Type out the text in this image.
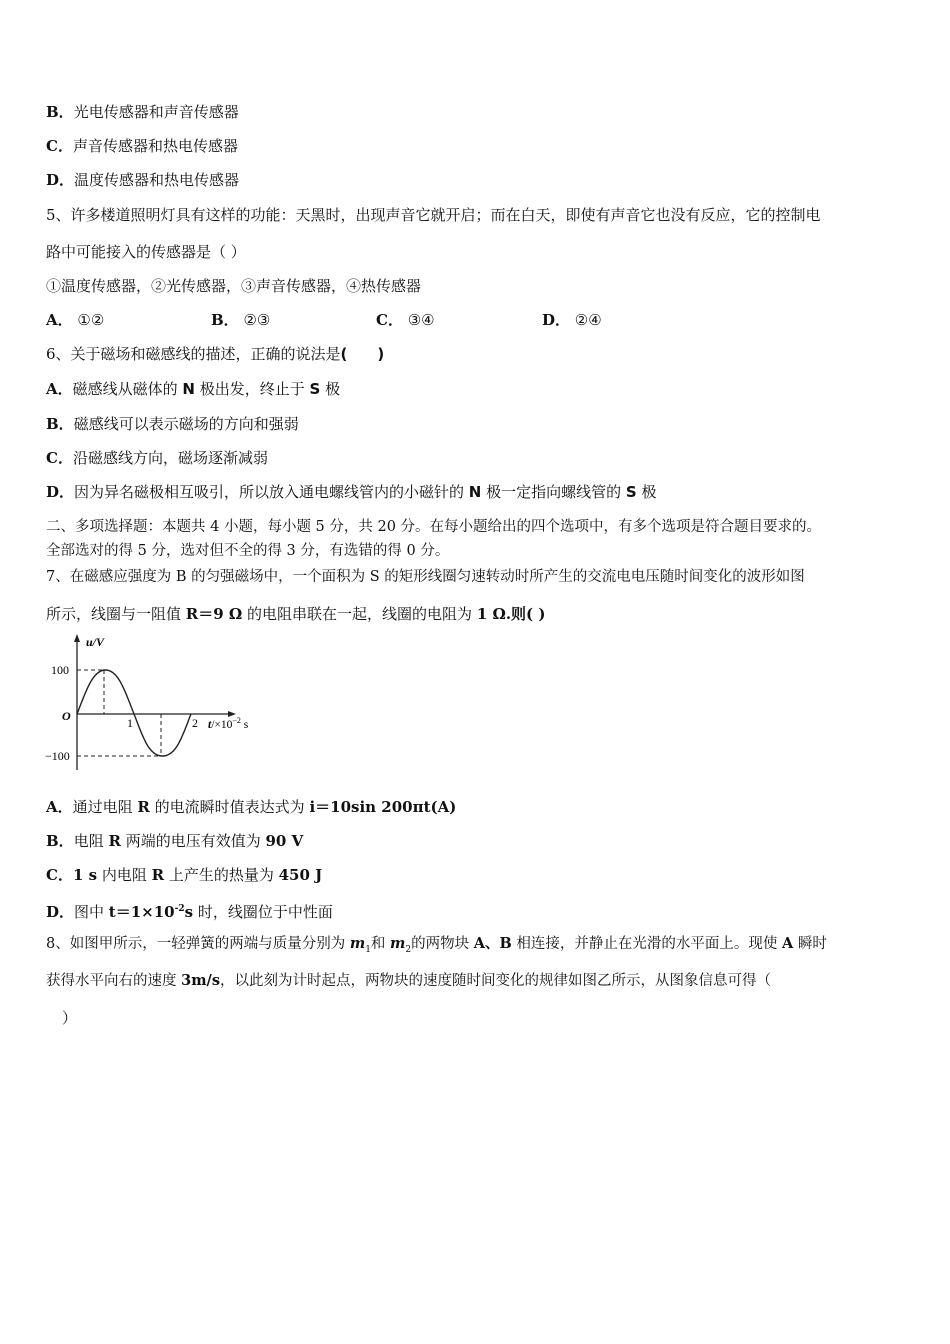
B．光电传感器和声音传感器
C．声音传感器和热电传感器
D．温度传感器和热电传感器
5、许多楼道照明灯具有这样的功能：天黑时，出现声音它就开启；而在白天，即使有声音它也没有反应，它的控制电
路中可能接入的传感器是（ ）
①温度传感器，②光传感器，③声音传感器，④热传感器
A． ①②	B． ②③	C． ③④	D． ②④
6、关于磁场和磁感线的描述，正确的说法是(　　)
A．磁感线从磁体的 N 极出发，终止于 S 极
B．磁感线可以表示磁场的方向和强弱
C．沿磁感线方向，磁场逐渐减弱
D．因为异名磁极相互吸引，所以放入通电螺线管内的小磁针的 N 极一定指向螺线管的 S 极
二、多项选择题：本题共 4 小题，每小题 5 分，共 20 分。在每小题给出的四个选项中，有多个选项是符合题目要求的。
全部选对的得 5 分，选对但不全的得 3 分，有选错的得 0 分。
7、在磁感应强度为 B 的匀强磁场中，一个面积为 S 的矩形线圈匀速转动时所产生的交流电电压随时间变化的波形如图
所示，线圈与一阻值 R＝9 Ω 的电阻串联在一起，线圈的电阻为 1 Ω.则( )
u/V
100
−100
O	1	2 $t/\times 10^{-2}$ s
A．通过电阻 R 的电流瞬时值表达式为 i＝10sin 200πt(A)
B．电阻 R 两端的电压有效值为 90 V
C．1 s 内电阻 R 上产生的热量为 450 J
D．图中 $t=1\times 10^{-2}s$ 时，线圈位于中性面
8、如图甲所示，一轻弹簧的两端与质量分别为 $m_1$和 $m_2$的两物块 A、B 相连接，并静止在光滑的水平面上。现使 A 瞬时
获得水平向右的速度 3m/s，以此刻为计时起点，两物块的速度随时间变化的规律如图乙所示，从图象信息可得（
）
